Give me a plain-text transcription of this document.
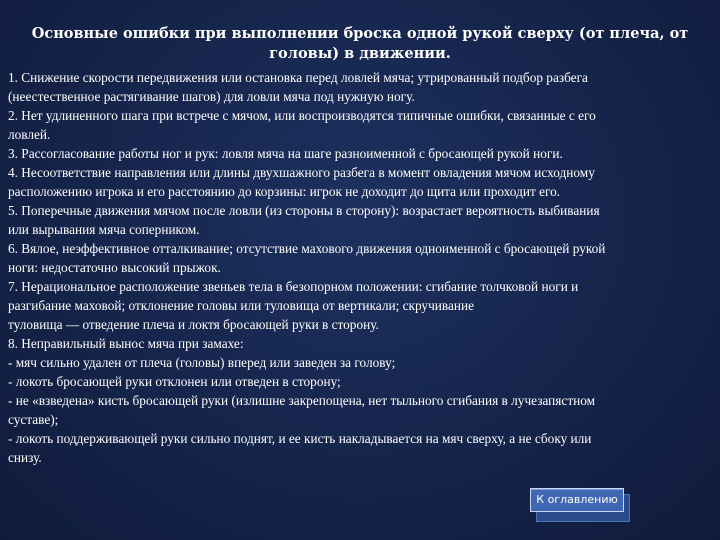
Основные ошибки при выполнении броска одной рукой сверху (от плеча, от головы) в движении.
1. Снижение скорости передвижения или остановка перед ловлей мяча; утрированный подбор разбега
(неестественное растягивание шагов) для ловли мяча под нужную ногу.
2. Нет удлиненного шага при встрече с мячом, или воспроизводятся типичные ошибки, связанные с его
ловлей.
3. Рассогласование работы ног и рук: ловля мяча на шаге разноименной с бросающей рукой ноги.
4. Несоответствие направления или длины двухшажного разбега в момент овладения мячом исходному
расположению игрока и его расстоянию до корзины: игрок не доходит до щита или проходит его.
5. Поперечные движения мячом после ловли (из стороны в сторону): возрастает вероятность выбивания
или вырывания мяча соперником.
6. Вялое, неэффективное отталкивание; отсутствие махового движения одноименной с бросающей рукой
ноги: недостаточно высокий прыжок.
7. Нерациональное расположение звеньев тела в безопорном положении: сгибание толчковой ноги и
разгибание маховой; отклонение головы или туловища от вертикали; скручивание
туловища — отведение плеча и локтя бросающей руки в сторону.
8. Неправильный вынос мяча при замахе:
- мяч сильно удален от плеча (головы) вперед или заведен за голову;
- локоть бросающей руки отклонен или отведен в сторону;
- не «взведена» кисть бросающей руки (излишне закрепощена, нет тыльного сгибания в лучезапястном
суставе);
- локоть поддерживающей руки сильно поднят, и ее кисть накладывается на мяч сверху, а не сбоку или
снизу.
К оглавлению
